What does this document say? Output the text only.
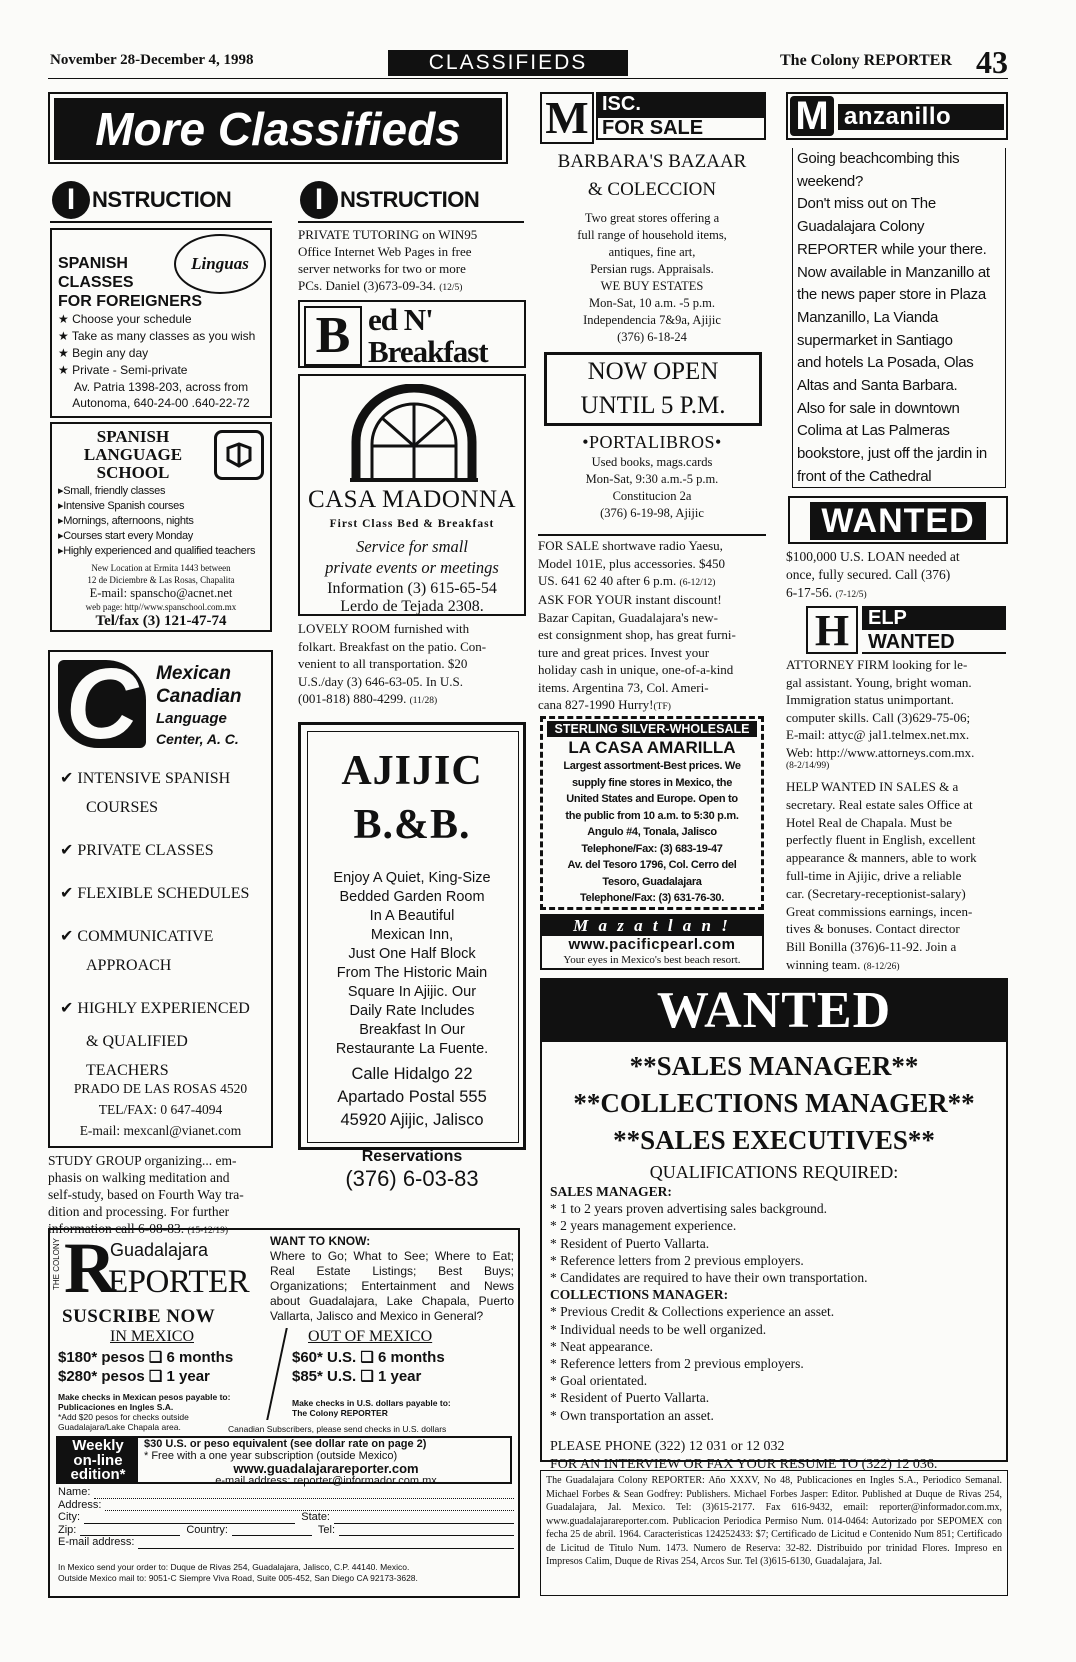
November 28-December 4, 1998	CLASSIFIEDS	The Colony REPORTER 43
More Classifieds
I NSTRUCTION
SPANISH
CLASSES
FOR FOREIGNERS
Linguas
★ Choose your schedule
★ Take as many classes as you wish
★ Begin any day
★ Private - Semi-private
Av. Patria 1398-203, across from
Autonoma, 640-24-00 .640-22-72
SPANISH
LANGUAGE
SCHOOL
▸Small, friendly classes
▸Intensive Spanish courses
▸Mornings, afternoons, nights
▸Courses start every Monday
▸Highly experienced and qualified teachers
New Location at Ermita 1443 between
12 de Diciembre & Las Rosas, Chapalita
E-mail: spanscho@acnet.net
web page: http//www.spanschool.com.mx
Tel/fax (3) 121-47-74
C Mexican
Canadian
Language
Center, A. C.
✔ INTENSIVE SPANISH
COURSES
✔ PRIVATE CLASSES
✔ FLEXIBLE SCHEDULES
✔ COMMUNICATIVE
APPROACH
✔ HIGHLY EXPERIENCED
& QUALIFIED TEACHERS
PRADO DE LAS ROSAS 4520
TEL/FAX: 0 647-4094
E-mail: mexcanl@vianet.com
STUDY GROUP organizing... em-
phasis on walking meditation and
self-study, based on Fourth Way tra-
dition and processing. For further
information call 6-08-83. (15-12/19)
I NSTRUCTION
PRIVATE TUTORING on WIN95
Office Internet Web Pages in free
server networks for two or more
PCs. Daniel (3)673-09-34. (12/5)
B ed N'
Breakfast
CASA MADONNA
First Class Bed & Breakfast
Service for small
private events or meetings
Information (3) 615-65-54
Lerdo de Tejada 2308.
LOVELY ROOM furnished with
folkart. Breakfast on the patio. Con-
venient to all transportation. $20
U.S./day (3) 646-63-05. In U.S.
(001-818) 880-4299. (11/28)
AJIJIC
B.&B.
Enjoy A Quiet, King-Size
Bedded Garden Room
In A Beautiful
Mexican Inn,
Just One Half Block
From The Historic Main
Square In Ajijic. Our
Daily Rate Includes
Breakfast In Our
Restaurante La Fuente.
Calle Hidalgo 22
Apartado Postal 555
45920 Ajijic, Jalisco
Reservations
(376) 6-03-83
M ISC.
FOR SALE
BARBARA'S BAZAAR
& COLECCION
Two great stores offering a
full range of household items,
antiques, fine art,
Persian rugs. Appraisals.
WE BUY ESTATES
Mon-Sat, 10 a.m. -5 p.m.
Independencia 7&9a, Ajijic
(376) 6-18-24
NOW OPEN
UNTIL 5 P.M.
•PORTALIBROS•
Used books, mags.cards
Mon-Sat, 9:30 a.m.-5 p.m.
Constitucion 2a
(376) 6-19-98, Ajijic
FOR SALE shortwave radio Yaesu,
Model 101E, plus accessories. $450
US. 641 62 40 after 6 p.m. (6-12/12)
ASK FOR YOUR instant discount!
Bazar Capitan, Guadalajara's new-
est consignment shop, has great furni-
ture and great prices. Invest your
holiday cash in unique, one-of-a-kind
items. Argentina 73, Col. Ameri-
cana 827-1990 Hurry!(TF)
STERLING SILVER-WHOLESALE
LA CASA AMARILLA
Largest assortment-Best prices. We
supply fine stores in Mexico, the
United States and Europe. Open to
the public from 10 a.m. to 5:30 p.m.
Angulo #4, Tonala, Jalisco
Telephone/Fax: (3) 683-19-47
Av. del Tesoro 1796, Col. Cerro del
Tesoro, Guadalajara
Telephone/Fax: (3) 631-76-30.
M a z a t l a n !
www.pacificpearl.com
Your eyes in Mexico's best beach resort.
M anzanillo
Going beachcombing this
weekend?
Don't miss out on The
Guadalajara Colony
REPORTER while your there.
Now available in Manzanillo at
the news paper store in Plaza
Manzanillo, La Vianda
supermarket in Santiago
and hotels La Posada, Olas
Altas and Santa Barbara.
Also for sale in downtown
Colima at Las Palmeras
bookstore, just off the jardin in
front of the Cathedral
WANTED
$100,000 U.S. LOAN needed at
once, fully secured. Call (376)
6-17-56. (7-12/5)
H ELP
WANTED
ATTORNEY FIRM looking for le-
gal assistant. Young, bright woman.
Immigration status unimportant.
computer skills. Call (3)629-75-06;
E-mail: attyc@ jal1.telmex.net.mx.
Web: http://www.attorneys.com.mx.
(8-2/14/99)
HELP WANTED IN SALES & a
secretary. Real estate sales Office at
Hotel Real de Chapala. Must be
perfectly fluent in English, excellent
appearance & manners, able to work
full-time in Ajijic, drive a reliable
car. (Secretary-receptionist-salary)
Great commissions earnings, incen-
tives & bonuses. Contact director
Bill Bonilla (376)6-11-92. Join a
winning team. (8-12/26)
WANTED
**SALES MANAGER**
**COLLECTIONS MANAGER**
**SALES EXECUTIVES**
QUALIFICATIONS REQUIRED:
SALES MANAGER:
* 1 to 2 years proven advertising sales background.
* 2 years management experience.
* Resident of Puerto Vallarta.
* Reference letters from 2 previous employers.
* Candidates are required to have their own transportation.
COLLECTIONS MANAGER:
* Previous Credit & Collections experience an asset.
* Individual needs to be well organized.
* Neat appearance.
* Reference letters from 2 previous employers.
* Goal orientated.
* Resident of Puerto Vallarta.
* Own transportation an asset.
PLEASE PHONE (322) 12 031 or 12 032
FOR AN INTERVIEW OR FAX YOUR RESUME TO (322) 12 036.
The Guadalajara Colony REPORTER: Año XXXV, No 48, Publicaciones en Ingles S.A., Periodico Semanal. Michael Forbes & Sean Godfrey: Publishers. Michael Forbes Jasper: Editor. Published at Duque de Rivas 254, Guadalajara, Jal. Mexico. Tel: (3)615-2177. Fax 616-9432, email: reporter@informador.com.mx, www.guadalajarareporter.com. Publicacion Periodica Permiso Num. 014-0464: Autorizado por SEPOMEX con fecha 25 de abril. 1964. Caracteristicas 124252433: $7; Certificado de Licitud e Contenido Num 851; Certificado de Licitud de Titulo Num. 1473. Numero de Reserva: 32-82. Distribuido por trinidad Flores. Impreso en Impresos Calim, Duque de Rivas 254, Arcos Sur. Tel (3)615-6130, Guadalajara, Jal.
THE COLONY R
Guadalajara
EPORTER
WANT TO KNOW:
Where to Go; What to See; Where to Eat; Real Estate Listings; Best Buys; Organizations; Entertainment and News about Guadalajara, Lake Chapala, Puerto Vallarta, Jalisco and Mexico in General?
SUSCRIBE NOW
IN MEXICO	OUT OF MEXICO
$180* pesos ❑ 6 months
$280* pesos ❑ 1 year
$60* U.S. ❑ 6 months
$85* U.S. ❑ 1 year
Make checks in Mexican pesos payable to:
Publicaciones en Ingles S.A.
*Add $20 pesos for checks outside
Guadalajara/Lake Chapala area.
Make checks in U.S. dollars payable to:
The Colony REPORTER
Canadian Subscribers, please send checks in U.S. dollars
Weekly
on-line
edition*
$30 U.S. or peso equivalent (see dollar rate on page 2)
* Free with a one year subscription (outside Mexico)
www.guadalajarareporter.com
e-mail address: reporter@informador.com.mx
Name:
Address:
City:	State:
Zip:	Country:	Tel:
E-mail address:
In Mexico send your order to: Duque de Rivas 254, Guadalajara, Jalisco, C.P. 44140. Mexico.
Outside Mexico mail to: 9051-C Siempre Viva Road, Suite 005-452, San Diego CA 92173-3628.
